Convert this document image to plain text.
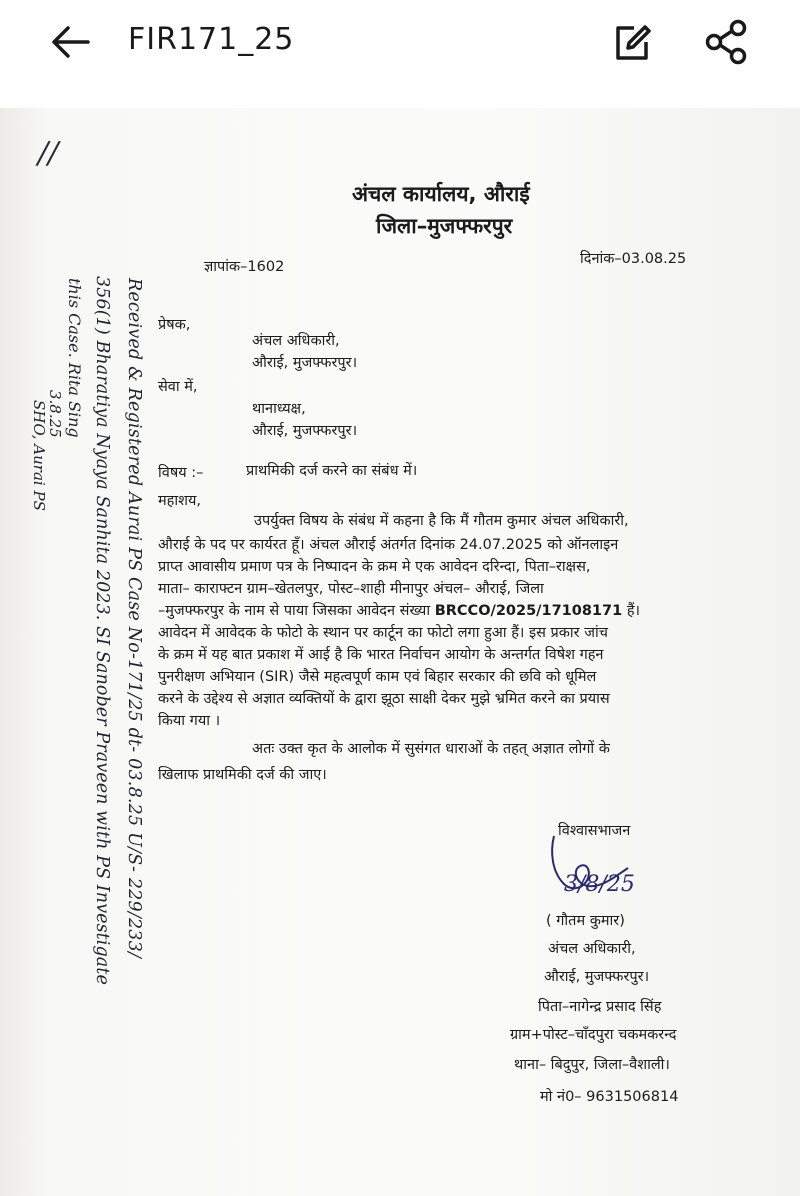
FIR171_25
//
Received & Registered Aurai PS Case No-171/25 dt- 03.8.25 U/S- 229/233/
356(1) Bharatiya Nyaya Sanhita 2023. SI Sanober Praveen with PS Investigate
this Case. Rita Sing
3.8.25
SHO, Aurai PS
अंचल कार्यालय, औराई
जिला–मुजफ्फरपुर
ज्ञापांक–1602	दिनांक–03.08.25
प्रेषक,
अंचल अधिकारी,
औराई, मुजफ्फरपुर।
सेवा में,
थानाध्यक्ष,
औराई, मुजफ्फरपुर।
विषय :–	प्राथमिकी दर्ज करने का संबंध में।
महाशय,
उपर्युक्त विषय के संबंध में कहना है कि मैं गौतम कुमार अंचल अधिकारी,
औराई के पद पर कार्यरत हूँ। अंचल औराई अंतर्गत दिनांक 24.07.2025 को ऑनलाइन
प्राप्त आवासीय प्रमाण पत्र के निष्पादन के क्रम मे एक आवेदन दरिन्दा, पिता–राक्षस,
माता– काराफ्टन ग्राम–खेतलपुर, पोस्ट–शाही मीनापुर अंचल– औराई, जिला
–मुजफ्फरपुर के नाम से पाया जिसका आवेदन संख्या BRCCO/2025/17108171 हैं।
आवेदन में आवेदक के फोटो के स्थान पर कार्टून का फोटो लगा हुआ हैं। इस प्रकार जांच
के क्रम में यह बात प्रकाश में आई है कि भारत निर्वाचन आयोग के अन्तर्गत विषेश गहन
पुनरीक्षण अभियान (SIR) जैसे महत्वपूर्ण काम एवं बिहार सरकार की छवि को धूमिल
करने के उद्देश्य से अज्ञात व्यक्तियों के द्वारा झूठा साक्षी देकर मुझे भ्रमित करने का प्रयास
किया गया ।
अतः उक्त कृत के आलोक में सुसंगत धाराओं के तहत् अज्ञात लोगों के
खिलाफ प्राथमिकी दर्ज की जाए।
विश्वासभाजन
3/8/25
( गौतम कुमार)
अंचल अधिकारी,
औराई, मुजफ्फरपुर।
पिता–नागेन्द्र प्रसाद सिंह
ग्राम+पोस्ट–चाँदपुरा चकमकरन्द
थाना– बिदुपुर, जिला–वैशाली।
मो नं0– 9631506814
